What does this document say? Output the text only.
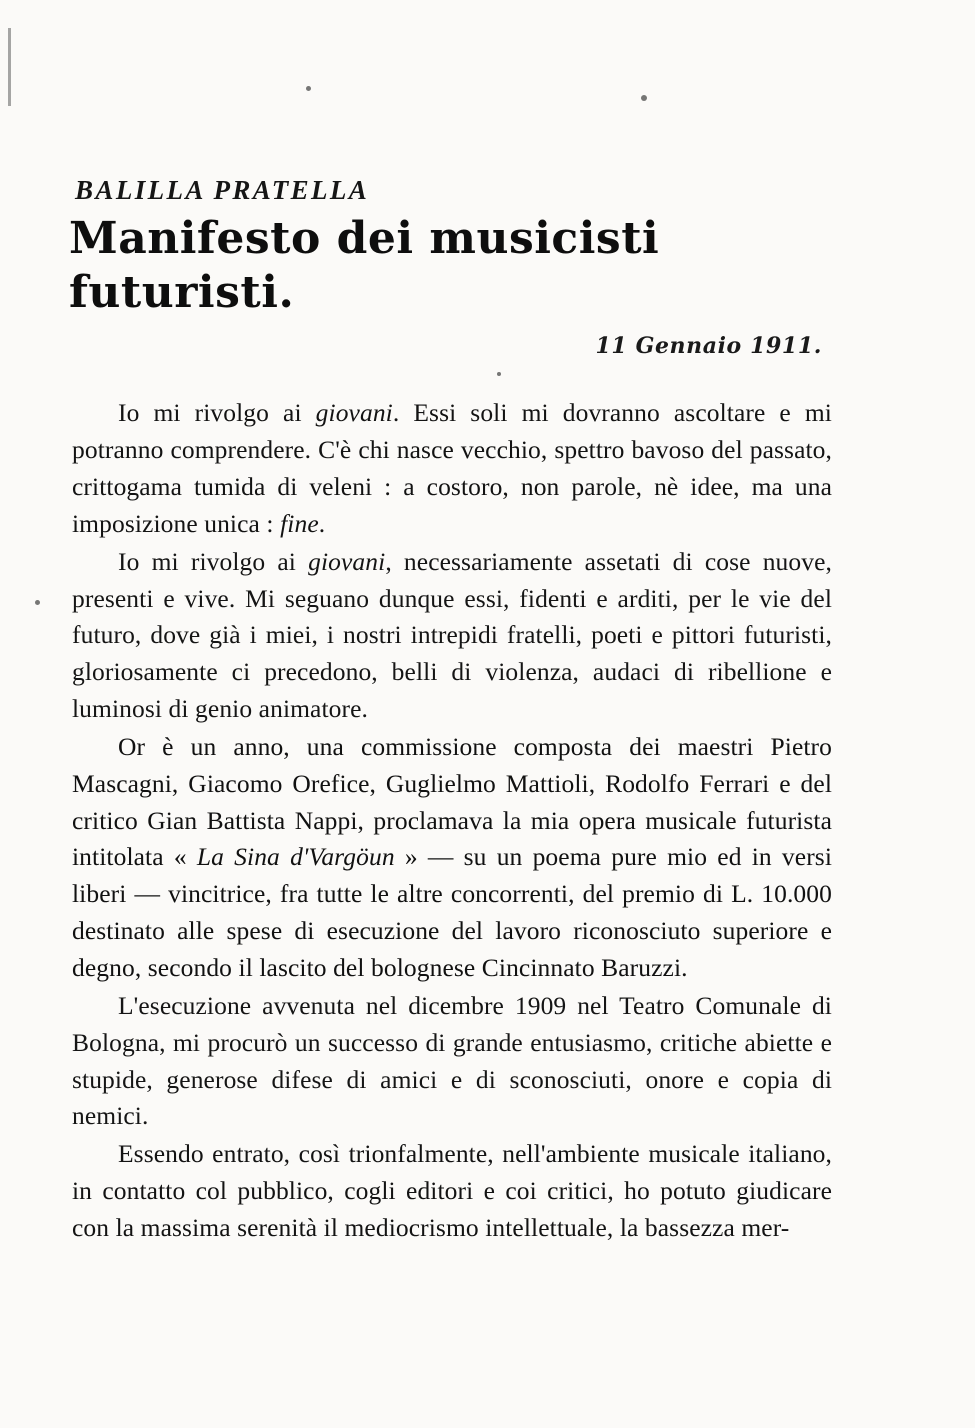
BALILLA PRATELLA
Manifesto dei musicisti futuristi.
11 Gennaio 1911.

Io mi rivolgo ai giovani. Essi soli mi dovranno ascoltare e mi potranno comprendere. C'è chi nasce vecchio, spettro bavoso del passato, crittogama tumida di veleni : a costoro, non parole, nè idee, ma una imposizione unica : fine.

Io mi rivolgo ai giovani, necessariamente assetati di cose nuove, presenti e vive. Mi seguano dunque essi, fidenti e arditi, per le vie del futuro, dove già i miei, i nostri intrepidi fratelli, poeti e pittori futuristi, gloriosamente ci precedono, belli di violenza, audaci di ribellione e luminosi di genio animatore.

Or è un anno, una commissione composta dei maestri Pietro Mascagni, Giacomo Orefice, Guglielmo Mattioli, Rodolfo Ferrari e del critico Gian Battista Nappi, proclamava la mia opera musicale futurista intitolata « La Sina d'Vargöun » — su un poema pure mio ed in versi liberi — vincitrice, fra tutte le altre concorrenti, del premio di L. 10.000 destinato alle spese di esecuzione del lavoro riconosciuto superiore e degno, secondo il lascito del bolognese Cincinnato Baruzzi.

L'esecuzione avvenuta nel dicembre 1909 nel Teatro Comunale di Bologna, mi procurò un successo di grande entusiasmo, critiche abiette e stupide, generose difese di amici e di sconosciuti, onore e copia di nemici.

Essendo entrato, così trionfalmente, nell'ambiente musicale italiano, in contatto col pubblico, cogli editori e coi critici, ho potuto giudicare con la massima serenità il mediocrismo intellettuale, la bassezza mer-
